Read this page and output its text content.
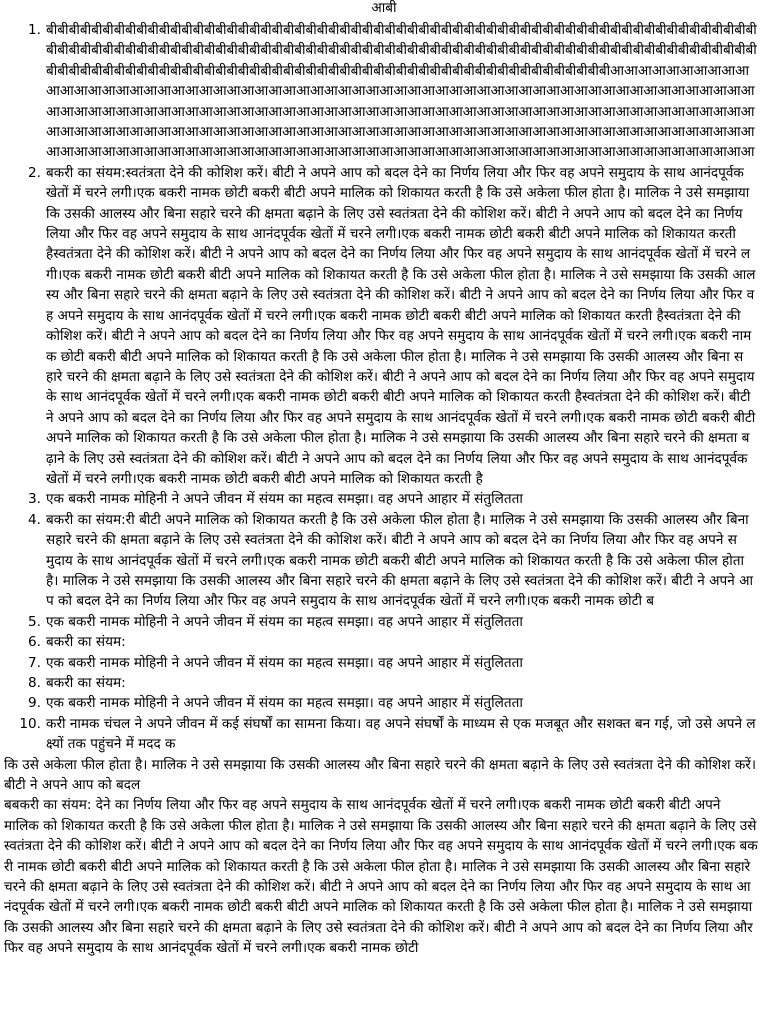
आबी

1. बीबीबीबीबीबीबीबीबीबीबीबीबीबीबीबीबीबीबीबीबीबीबीबीबीबीबीबीबीबीबीबीबीबीबीबीबीबीबीबीबीबीबीबीबीबीबीबीबीबीबीबीबीबीबीबीबीबीबीबीबीबीबीबीबीबीबीबीबीबीबीबीबीबीबीबीबीबीबीबीबीबीबीबीबीबीबीबीबीबीबीबीबीबीबीबीबीबीबीबीबीबीबीबीबीबीबीबीबीबीबीबीबीबीबीबीबीबीबीबीबीबीबीबीबीबीबीबीबीबीबीबीबीबीबीबीबीबीबीबीबीबीबीबीबीबीबीबीबीबीबीबीबीबीबीबीबीबीबीबीबीबीबीबीबीबीबीबीबीबीबीबीबीबीबीबीआआआआआआआआआआआआआआआआआआआआआआआआआआआआआआआआआआआआआआआआआआआआआआआआआआआआआआआआआआआआआआआआआआआआआआआआआआआआआआआआआआआआआआआआआआआआआआआआआआआआआआआआआआआआआआआआआआआआआआआआआआआआआआआआआआआआआआआआआआआआआआआआआआआआआआआआआआआआआआआआआआआआआआआआआआआआआआआआआआआआआआआआआआआआआआआआआआआआआआआआआआआआआआआआआआआआआआ
2. बकरी का संयम:स्वतंत्रता देने की कोशिश करें। बीटी ने अपने आप को बदल देने का निर्णय लिया और फिर वह अपने समुदाय के साथ आनंदपूर्वक खेतों में चरने लगी।एक बकरी नामक छोटी बकरी बीटी अपने मालिक को शिकायत करती है कि उसे अकेला फील होता है। मालिक ने उसे समझाया कि उसकी आलस्य और बिना सहारे चरने की क्षमता बढ़ाने के लिए उसे स्वतंत्रता देने की कोशिश करें। बीटी ने अपने आप को बदल देने का निर्णय लिया और फिर वह अपने समुदाय के साथ आनंदपूर्वक खेतों में चरने लगी।एक बकरी नामक छोटी बकरी बीटी अपने मालिक को शिकायत करती हैस्वतंत्रता देने की कोशिश करें। बीटी ने अपने आप को बदल देने का निर्णय लिया और फिर वह अपने समुदाय के साथ आनंदपूर्वक खेतों में चरने लगी।एक बकरी नामक छोटी बकरी बीटी अपने मालिक को शिकायत करती है कि उसे अकेला फील होता है। मालिक ने उसे समझाया कि उसकी आलस्य और बिना सहारे चरने की क्षमता बढ़ाने के लिए उसे स्वतंत्रता देने की कोशिश करें। बीटी ने अपने आप को बदल देने का निर्णय लिया और फिर वह अपने समुदाय के साथ आनंदपूर्वक खेतों में चरने लगी।एक बकरी नामक छोटी बकरी बीटी अपने मालिक को शिकायत करती हैस्वतंत्रता देने की कोशिश करें। बीटी ने अपने आप को बदल देने का निर्णय लिया और फिर वह अपने समुदाय के साथ आनंदपूर्वक खेतों में चरने लगी।एक बकरी नामक छोटी बकरी बीटी अपने मालिक को शिकायत करती है कि उसे अकेला फील होता है। मालिक ने उसे समझाया कि उसकी आलस्य और बिना सहारे चरने की क्षमता बढ़ाने के लिए उसे स्वतंत्रता देने की कोशिश करें। बीटी ने अपने आप को बदल देने का निर्णय लिया और फिर वह अपने समुदाय के साथ आनंदपूर्वक खेतों में चरने लगी।एक बकरी नामक छोटी बकरी बीटी अपने मालिक को शिकायत करती हैस्वतंत्रता देने की कोशिश करें। बीटी ने अपने आप को बदल देने का निर्णय लिया और फिर वह अपने समुदाय के साथ आनंदपूर्वक खेतों में चरने लगी।एक बकरी नामक छोटी बकरी बीटी अपने मालिक को शिकायत करती है कि उसे अकेला फील होता है। मालिक ने उसे समझाया कि उसकी आलस्य और बिना सहारे चरने की क्षमता बढ़ाने के लिए उसे स्वतंत्रता देने की कोशिश करें। बीटी ने अपने आप को बदल देने का निर्णय लिया और फिर वह अपने समुदाय के साथ आनंदपूर्वक खेतों में चरने लगी।एक बकरी नामक छोटी बकरी बीटी अपने मालिक को शिकायत करती है
3. एक बकरी नामक मोहिनी ने अपने जीवन में संयम का महत्व समझा। वह अपने आहार में संतुलितता
4. बकरी का संयम:री बीटी अपने मालिक को शिकायत करती है कि उसे अकेला फील होता है। मालिक ने उसे समझाया कि उसकी आलस्य और बिना सहारे चरने की क्षमता बढ़ाने के लिए उसे स्वतंत्रता देने की कोशिश करें। बीटी ने अपने आप को बदल देने का निर्णय लिया और फिर वह अपने समुदाय के साथ आनंदपूर्वक खेतों में चरने लगी।एक बकरी नामक छोटी बकरी बीटी अपने मालिक को शिकायत करती है कि उसे अकेला फील होता है। मालिक ने उसे समझाया कि उसकी आलस्य और बिना सहारे चरने की क्षमता बढ़ाने के लिए उसे स्वतंत्रता देने की कोशिश करें। बीटी ने अपने आप को बदल देने का निर्णय लिया और फिर वह अपने समुदाय के साथ आनंदपूर्वक खेतों में चरने लगी।एक बकरी नामक छोटी ब
5. एक बकरी नामक मोहिनी ने अपने जीवन में संयम का महत्व समझा। वह अपने आहार में संतुलितता
6. बकरी का संयम:
7. एक बकरी नामक मोहिनी ने अपने जीवन में संयम का महत्व समझा। वह अपने आहार में संतुलितता
8. बकरी का संयम:
9. एक बकरी नामक मोहिनी ने अपने जीवन में संयम का महत्व समझा। वह अपने आहार में संतुलितता
10. करी नामक चंचल ने अपने जीवन में कई संघर्षों का सामना किया। वह अपने संघर्षों के माध्यम से एक मजबूत और सशक्त बन गई, जो उसे अपने लक्ष्यों तक पहुंचने में मदद क

कि उसे अकेला फील होता है। मालिक ने उसे समझाया कि उसकी आलस्य और बिना सहारे चरने की क्षमता बढ़ाने के लिए उसे स्वतंत्रता देने की कोशिश करें। बीटी ने अपने आप को बदल

बबकरी का संयम: देने का निर्णय लिया और फिर वह अपने समुदाय के साथ आनंदपूर्वक खेतों में चरने लगी।एक बकरी नामक छोटी बकरी बीटी अपने मालिक को शिकायत करती है कि उसे अकेला फील होता है। मालिक ने उसे समझाया कि उसकी आलस्य और बिना सहारे चरने की क्षमता बढ़ाने के लिए उसे स्वतंत्रता देने की कोशिश करें। बीटी ने अपने आप को बदल देने का निर्णय लिया और फिर वह अपने समुदाय के साथ आनंदपूर्वक खेतों में चरने लगी।एक बकरी नामक छोटी बकरी बीटी अपने मालिक को शिकायत करती है कि उसे अकेला फील होता है। मालिक ने उसे समझाया कि उसकी आलस्य और बिना सहारे चरने की क्षमता बढ़ाने के लिए उसे स्वतंत्रता देने की कोशिश करें। बीटी ने अपने आप को बदल देने का निर्णय लिया और फिर वह अपने समुदाय के साथ आनंदपूर्वक खेतों में चरने लगी।एक बकरी नामक छोटी बकरी बीटी अपने मालिक को शिकायत करती है कि उसे अकेला फील होता है। मालिक ने उसे समझाया कि उसकी आलस्य और बिना सहारे चरने की क्षमता बढ़ाने के लिए उसे स्वतंत्रता देने की कोशिश करें। बीटी ने अपने आप को बदल देने का निर्णय लिया और फिर वह अपने समुदाय के साथ आनंदपूर्वक खेतों में चरने लगी।एक बकरी नामक छोटी
